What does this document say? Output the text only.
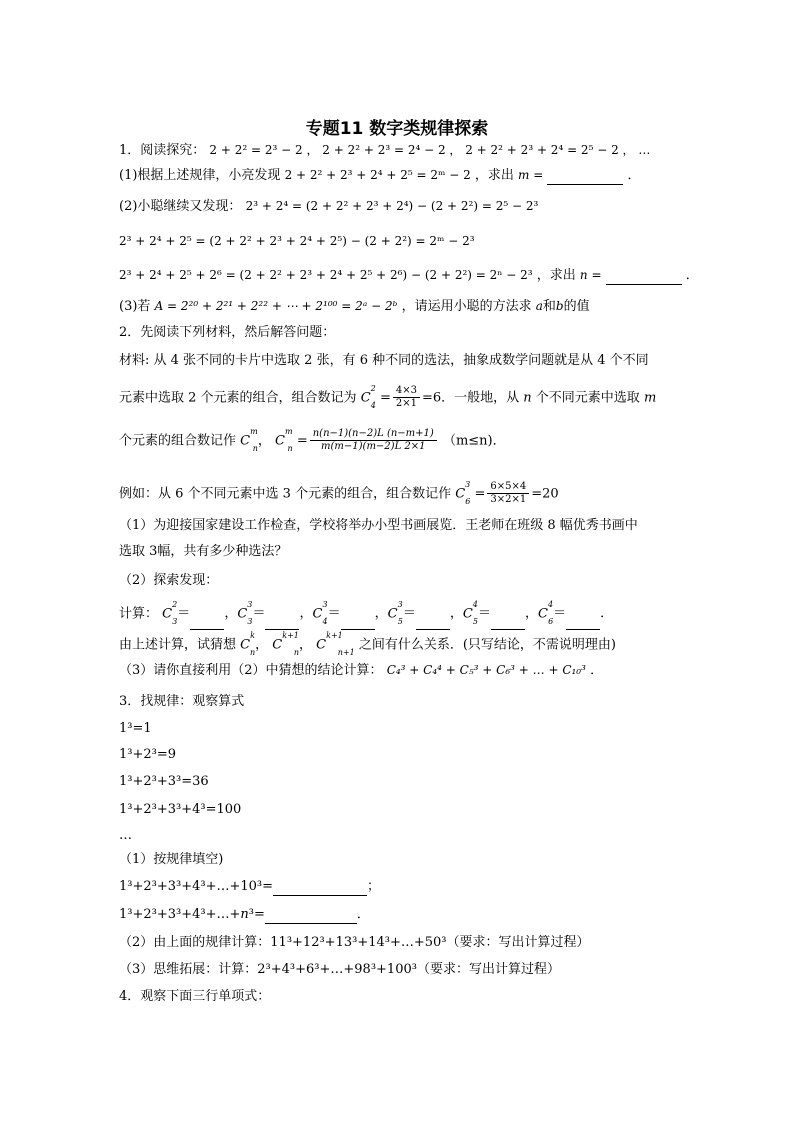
专题11 数字类规律探索
1．阅读探究： 2 + 2² = 2³ − 2 ， 2 + 2² + 2³ = 2⁴ − 2 ， 2 + 2² + 2³ + 2⁴ = 2⁵ − 2 ， …
(1)根据上述规律，小亮发现 2 + 2² + 2³ + 2⁴ + 2⁵ = 2ᵐ − 2 ，求出 m =	．
(2)小聪继续又发现： 2³ + 2⁴ = (2 + 2² + 2³ + 2⁴) − (2 + 2²) = 2⁵ − 2³
2³ + 2⁴ + 2⁵ = (2 + 2² + 2³ + 2⁴ + 2⁵) − (2 + 2²) = 2ᵐ − 2³
2³ + 2⁴ + 2⁵ + 2⁶ = (2 + 2² + 2³ + 2⁴ + 2⁵ + 2⁶) − (2 + 2²) = 2ⁿ − 2³ ，求出 n =	．
(3)若 A = 2²⁰ + 2²¹ + 2²² + ⋯ + 2¹⁰⁰ = 2ᵃ − 2ᵇ ，请运用小聪的方法求 a和b的值
2．先阅读下列材料，然后解答问题：
材料: 从 4 张不同的卡片中选取 2 张，有 6 种不同的选法，抽象成数学问题就是从 4 个不同
元素中选取 2 个元素的组合，组合数记为 $C^2_4 = \frac{4\times 3}{2\times 1} =6$．一般地，从 n 个不同元素中选取 m
个元素的组合数记作 $C^m_n$， $C^m_n = \frac{n(n-1)(n-2)L (n-m+1)}{m(m-1)(m-2)L 2\times 1} (m\le n)$．
例如：从 6 个不同元素中选 3 个元素的组合，组合数记作 $C^3_6 = \frac{6\times 5\times 4}{3\times 2\times 1} =20$
（1）为迎接国家建设工作检查，学校将举办小型书画展览．王老师在班级 8 幅优秀书画中
选取 3幅，共有多少种选法？
（2）探索发现：
计算： $C^2_3=$	，$C^3_3=$	，$C^3_4=$	，$C^3_5=$	，$C^4_5=$	，$C^4_6=$	．
由上述计算，试猜想 $C^k_n$， $C^{k+1}_n$， $C^{k+1}_{n+1}$ 之间有什么关系．(只写结论，不需说明理由)
（3）请你直接利用（2）中猜想的结论计算： C₄³ + C₄⁴ + C₅³ + C₆³ + … + C₁₀³ ．
3．找规律：观察算式
1³=1
1³+2³=9
1³+2³+3³=36
1³+2³+3³+4³=100
…
（1）按规律填空)
1³+2³+3³+4³+…+10³=	；
1³+2³+3³+4³+…+n³=	．
（2）由上面的规律计算：11³+12³+13³+14³+…+50³（要求：写出计算过程）
（3）思维拓展：计算：2³+4³+6³+…+98³+100³（要求：写出计算过程）
4．观察下面三行单项式：
